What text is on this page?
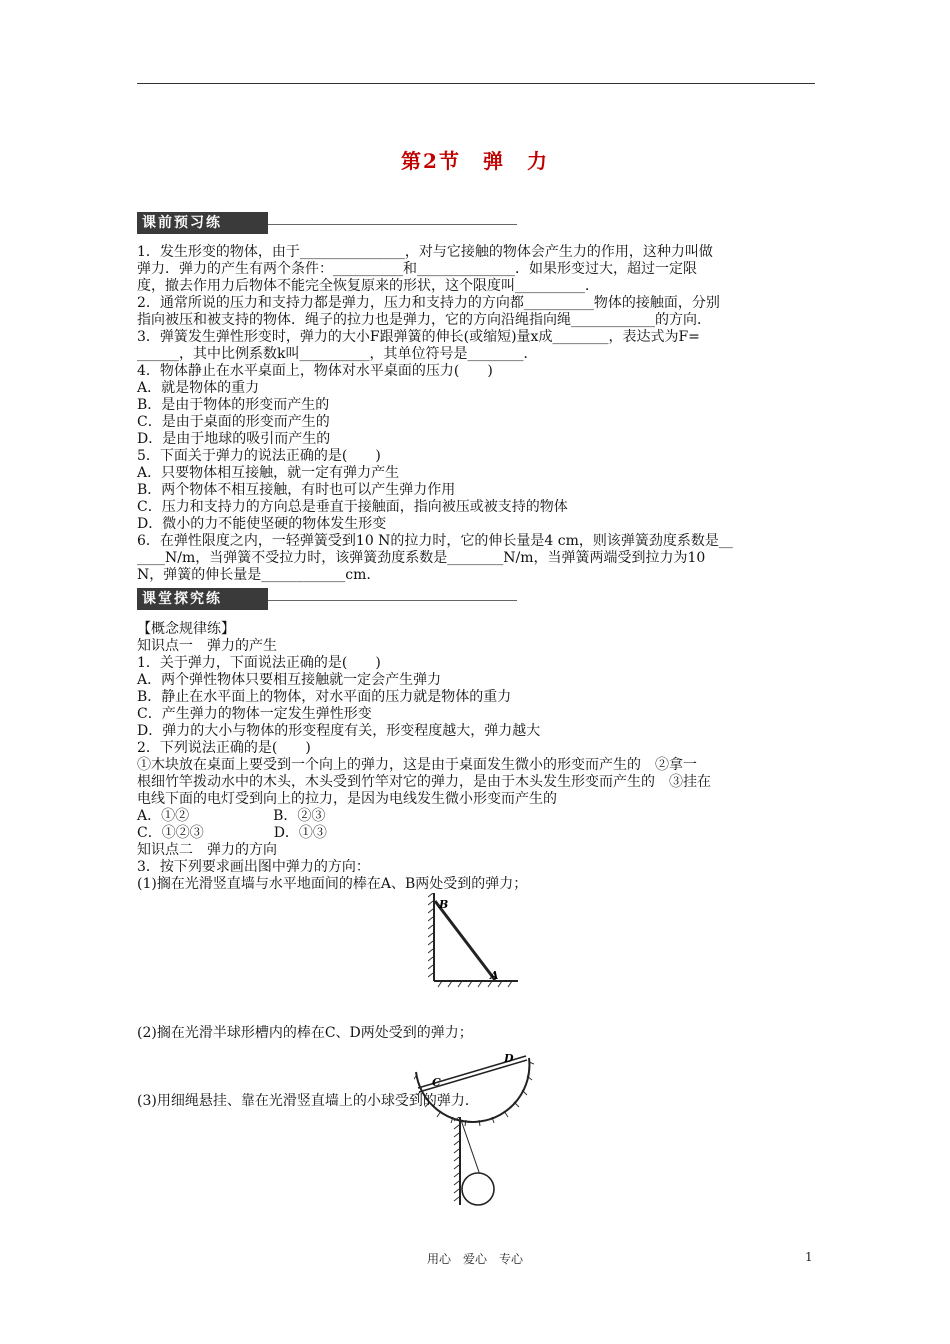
第2节　弹　力
课前预习练
1．发生形变的物体，由于_______________，对与它接触的物体会产生力的作用，这种力叫做
弹力．弹力的产生有两个条件：__________和______________．如果形变过大，超过一定限
度，撤去作用力后物体不能完全恢复原来的形状，这个限度叫__________．
2．通常所说的压力和支持力都是弹力，压力和支持力的方向都__________物体的接触面，分别
指向被压和被支持的物体．绳子的拉力也是弹力，它的方向沿绳指向绳____________的方向．
3．弹簧发生弹性形变时，弹力的大小F跟弹簧的伸长(或缩短)量x成________，表达式为F=
______，其中比例系数k叫__________，其单位符号是________．
4．物体静止在水平桌面上，物体对水平桌面的压力(　　)
A．就是物体的重力
B．是由于物体的形变而产生的
C．是由于桌面的形变而产生的
D．是由于地球的吸引而产生的
5．下面关于弹力的说法正确的是(　　)
A．只要物体相互接触，就一定有弹力产生
B．两个物体不相互接触，有时也可以产生弹力作用
C．压力和支持力的方向总是垂直于接触面，指向被压或被支持的物体
D．微小的力不能使坚硬的物体发生形变
6．在弹性限度之内，一轻弹簧受到10 N的拉力时，它的伸长量是4 cm，则该弹簧劲度系数是__
____N/m，当弹簧不受拉力时，该弹簧劲度系数是________N/m，当弹簧两端受到拉力为10
N，弹簧的伸长量是____________cm.
课堂探究练
【概念规律练】
知识点一　弹力的产生
1．关于弹力，下面说法正确的是(　　)
A．两个弹性物体只要相互接触就一定会产生弹力
B．静止在水平面上的物体，对水平面的压力就是物体的重力
C．产生弹力的物体一定发生弹性形变
D．弹力的大小与物体的形变程度有关，形变程度越大，弹力越大
2．下列说法正确的是(　　)
①木块放在桌面上要受到一个向上的弹力，这是由于桌面发生微小的形变而产生的　②拿一
根细竹竿拨动水中的木头，木头受到竹竿对它的弹力，是由于木头发生形变而产生的　③挂在
电线下面的电灯受到向上的拉力，是因为电线发生微小形变而产生的
A．①②　　　　　　B．②③
C．①②③　　　　　D．①③
知识点二　弹力的方向
3．按下列要求画出图中弹力的方向：
(1)搁在光滑竖直墙与水平地面间的棒在A、B两处受到的弹力；
B
A
(2)搁在光滑半球形槽内的棒在C、D两处受到的弹力；
C
D
(3)用细绳悬挂、靠在光滑竖直墙上的小球受到的弹力．
用心　爱心　专心	1
